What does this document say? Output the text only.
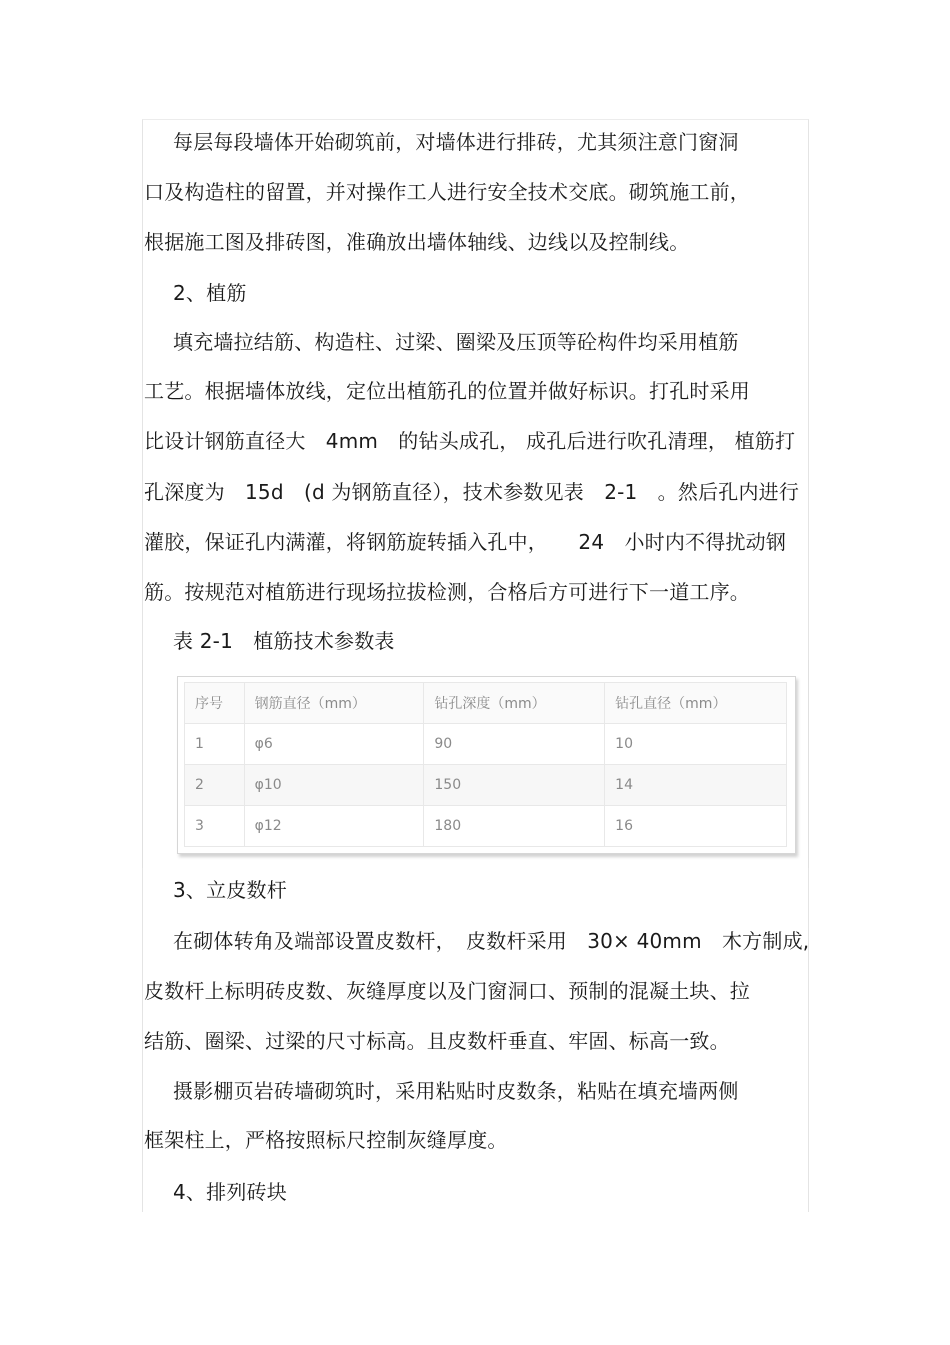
每层每段墙体开始砌筑前，对墙体进行排砖，尤其须注意门窗洞
口及构造柱的留置，并对操作工人进行安全技术交底。砌筑施工前，
根据施工图及排砖图，准确放出墙体轴线、边线以及控制线。
2、植筋
填充墙拉结筋、构造柱、过梁、圈梁及压顶等砼构件均采用植筋
工艺。根据墙体放线，定位出植筋孔的位置并做好标识。打孔时采用
比设计钢筋直径大　4mm　的钻头成孔， 成孔后进行吹孔清理， 植筋打
孔深度为　15d　(d 为钢筋直径），技术参数见表　2-1　。然后孔内进行
灌胶，保证孔内满灌，将钢筋旋转插入孔中，　　24　小时内不得扰动钢
筋。按规范对植筋进行现场拉拔检测，合格后方可进行下一道工序。
表 2-1　植筋技术参数表
序号	钢筋直径（mm）	钻孔深度（mm）	钻孔直径（mm）
1	φ6	90	10
2	φ10	150	14
3	φ12	180	16
3、立皮数杆
在砌体转角及端部设置皮数杆，　皮数杆采用　30× 40mm　木方制成,
皮数杆上标明砖皮数、灰缝厚度以及门窗洞口、预制的混凝土块、拉
结筋、圈梁、过梁的尺寸标高。且皮数杆垂直、牢固、标高一致。
摄影棚页岩砖墙砌筑时，采用粘贴时皮数条，粘贴在填充墙两侧
框架柱上，严格按照标尺控制灰缝厚度。
4、排列砖块
